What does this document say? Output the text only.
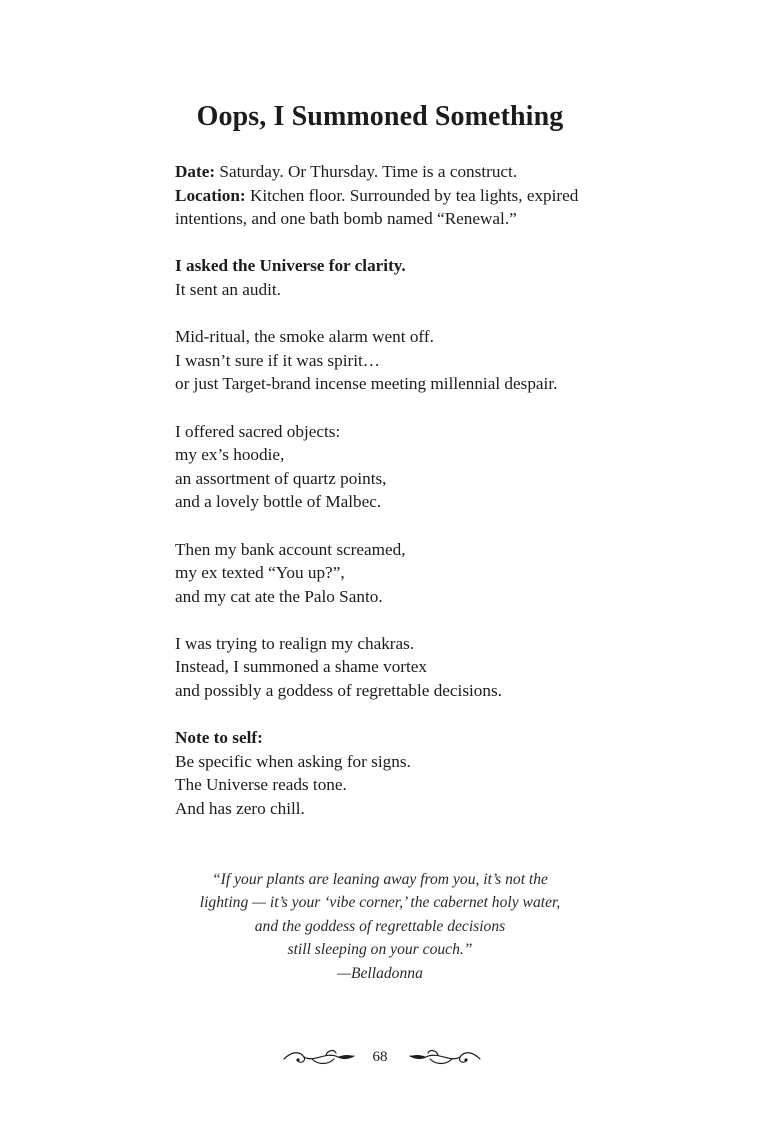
Oops, I Summoned Something
Date: Saturday. Or Thursday. Time is a construct.
Location: Kitchen floor. Surrounded by tea lights, expired
intentions, and one bath bomb named “Renewal.”
I asked the Universe for clarity.
It sent an audit.
Mid-ritual, the smoke alarm went off.
I wasn’t sure if it was spirit…
or just Target-brand incense meeting millennial despair.
I offered sacred objects:
my ex’s hoodie,
an assortment of quartz points,
and a lovely bottle of Malbec.
Then my bank account screamed,
my ex texted “You up?”,
and my cat ate the Palo Santo.
I was trying to realign my chakras.
Instead, I summoned a shame vortex
and possibly a goddess of regrettable decisions.
Note to self:
Be specific when asking for signs.
The Universe reads tone.
And has zero chill.
“If your plants are leaning away from you, it’s not the
lighting — it’s your ‘vibe corner,’ the cabernet holy water,
and the goddess of regrettable decisions
still sleeping on your couch.”
—Belladonna
68
